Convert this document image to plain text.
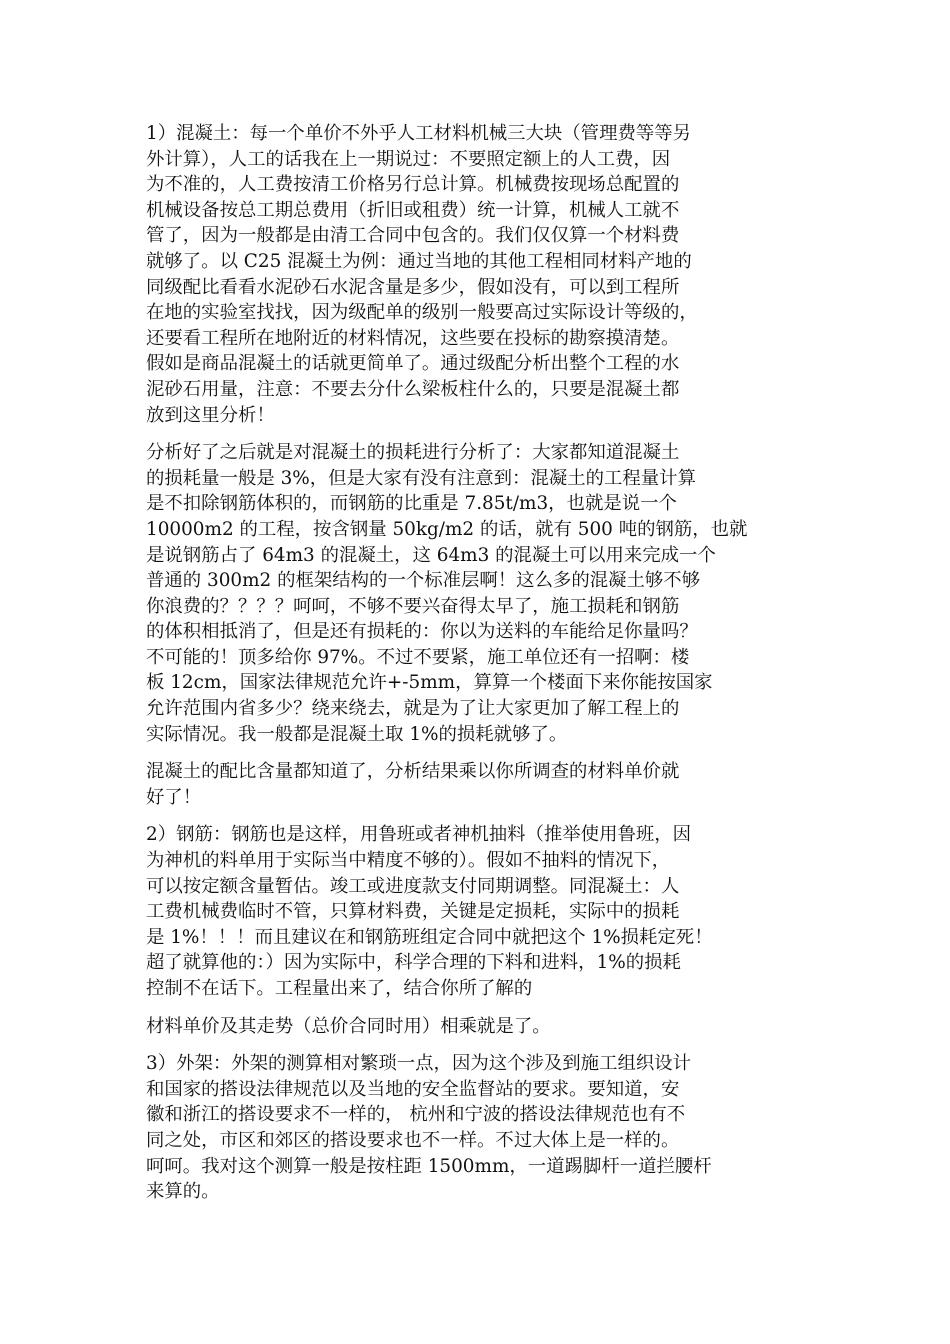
1）混凝土：每一个单价不外乎人工材料机械三大块（管理费等等另
外计算），人工的话我在上一期说过：不要照定额上的人工费，因
为不准的，人工费按清工价格另行总计算。机械费按现场总配置的
机械设备按总工期总费用（折旧或租费）统一计算，机械人工就不
管了，因为一般都是由清工合同中包含的。我们仅仅算一个材料费
就够了。以 C25 混凝土为例：通过当地的其他工程相同材料产地的
同级配比看看水泥砂石水泥含量是多少，假如没有，可以到工程所
在地的实验室找找，因为级配单的级别一般要高过实际设计等级的，
还要看工程所在地附近的材料情况，这些要在投标的勘察摸清楚。
假如是商品混凝土的话就更简单了。通过级配分析出整个工程的水
泥砂石用量，注意：不要去分什么梁板柱什么的，只要是混凝土都
放到这里分析！

分析好了之后就是对混凝土的损耗进行分析了：大家都知道混凝土
的损耗量一般是 3%，但是大家有没有注意到：混凝土的工程量计算
是不扣除钢筋体积的，而钢筋的比重是 7.85t/m3，也就是说一个
10000m2 的工程，按含钢量 50kg/m2 的话，就有 500 吨的钢筋，也就
是说钢筋占了 64m3 的混凝土，这 64m3 的混凝土可以用来完成一个
普通的 300m2 的框架结构的一个标准层啊！这么多的混凝土够不够
你浪费的？？？？呵呵，不够不要兴奋得太早了，施工损耗和钢筋
的体积相抵消了，但是还有损耗的：你以为送料的车能给足你量吗？
不可能的！顶多给你 97%。不过不要紧，施工单位还有一招啊：楼
板 12cm，国家法律规范允许+-5mm，算算一个楼面下来你能按国家
允许范围内省多少？绕来绕去，就是为了让大家更加了解工程上的
实际情况。我一般都是混凝土取 1%的损耗就够了。

混凝土的配比含量都知道了，分析结果乘以你所调查的材料单价就
好了！

2）钢筋：钢筋也是这样，用鲁班或者神机抽料（推举使用鲁班，因
为神机的料单用于实际当中精度不够的）。假如不抽料的情况下，
可以按定额含量暂估。竣工或进度款支付同期调整。同混凝土：人
工费机械费临时不管，只算材料费，关键是定损耗，实际中的损耗
是 1%！！！而且建议在和钢筋班组定合同中就把这个 1%损耗定死！
超了就算他的：）因为实际中，科学合理的下料和进料，1%的损耗
控制不在话下。工程量出来了，结合你所了解的

材料单价及其走势（总价合同时用）相乘就是了。

3）外架：外架的测算相对繁琐一点，因为这个涉及到施工组织设计
和国家的搭设法律规范以及当地的安全监督站的要求。要知道，安
徽和浙江的搭设要求不一样的， 杭州和宁波的搭设法律规范也有不
同之处，市区和郊区的搭设要求也不一样。不过大体上是一样的。
呵呵。我对这个测算一般是按柱距 1500mm，一道踢脚杆一道拦腰杆
来算的。
